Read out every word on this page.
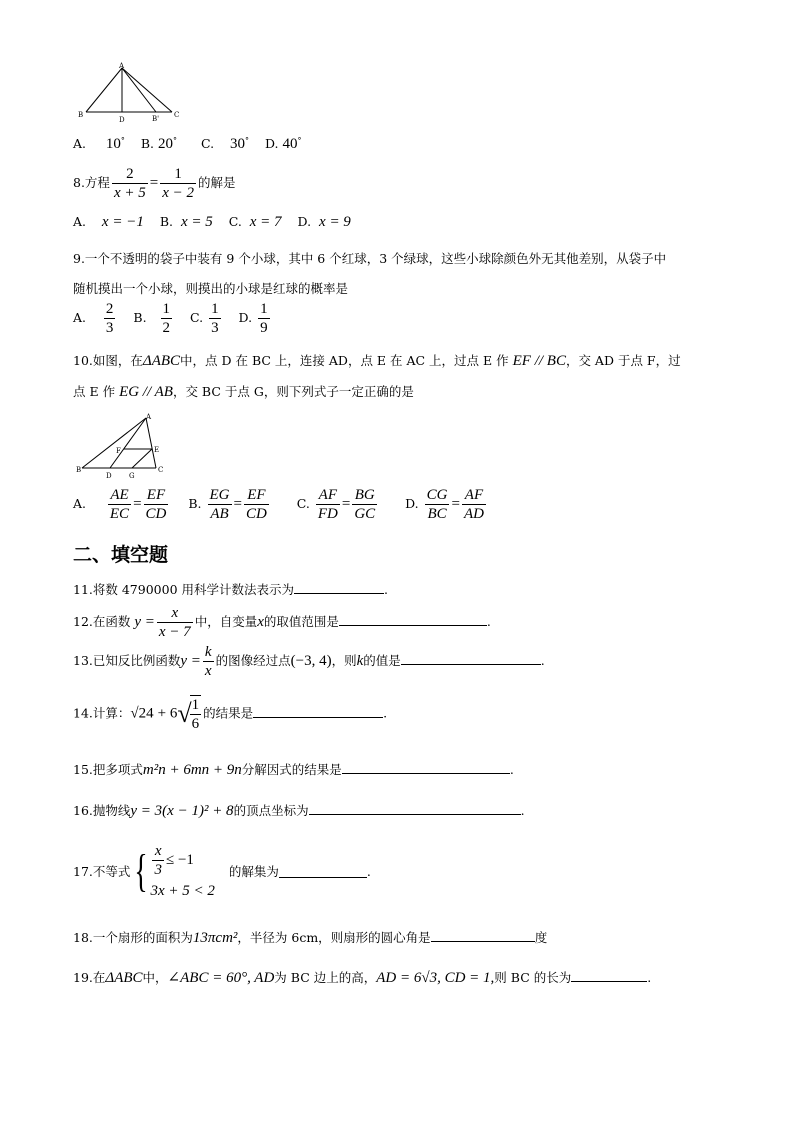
A
B
D	B' C
A. 10° B. 20° C. 30° D. 40°
8.方程 $\frac{2}{x + 5} = \frac{1}{x - 2}$ 的解是
A. x = −1 B. x = 5 C. x = 7 D. x = 9
9.一个不透明的袋子中装有 9 个小球，其中 6 个红球，3 个绿球，这些小球除颜色外无其他差别，从袋子中
随机摸出一个小球，则摸出的小球是红球的概率是
A. $\frac{2}{3} B$. $\frac{1}{2} C$. $\frac{1}{3} D$. $\frac{1}{9}$
10.如图，在ΔABC中，点 D 在 BC 上，连接 AD，点 E 在 AC 上，过点 E 作 EF // BC，交 AD 于点 F，过
点 E 作 EG // AB，交 BC 于点 G，则下列式子一定正确的是
A
F	E
B
D G
C
A. $\frac{AE}{EC} = \frac{EF}{CD} B$. $\frac{EG}{AB} = \frac{EF}{CD} C$. $\frac{AF}{FD} = \frac{BG}{GC} D$. $\frac{CG}{BC} = \frac{AF}{AD}$
二、填空题
11.将数 4790000 用科学计数法表示为	.
12.在函数 $y = \frac{x}{x - 7}$ 中，自变量x的取值范围是	.
13.已知反比例函数$y = \frac{k}{x}$ 的图像经过点(−3, 4)，则k的值是	.
14.计算：√24 + 6√
$\frac{1}{6}$ 的结果是	.
15.把多项式m²n + 6mn + 9n分解因式的结果是	.
16.抛物线y = 3(x − 1)² + 8的顶点坐标为	.
17.不等式 { $\frac{x}{3} \le -1$
3x + 5 < 2
的解集为	.
18.一个扇形的面积为13πcm²，半径为 6cm，则扇形的圆心角是	度
19.在ΔABC中，∠ABC = 60°, AD为 BC 边上的高，AD = 6√3, CD = 1,则 BC 的长为	.
